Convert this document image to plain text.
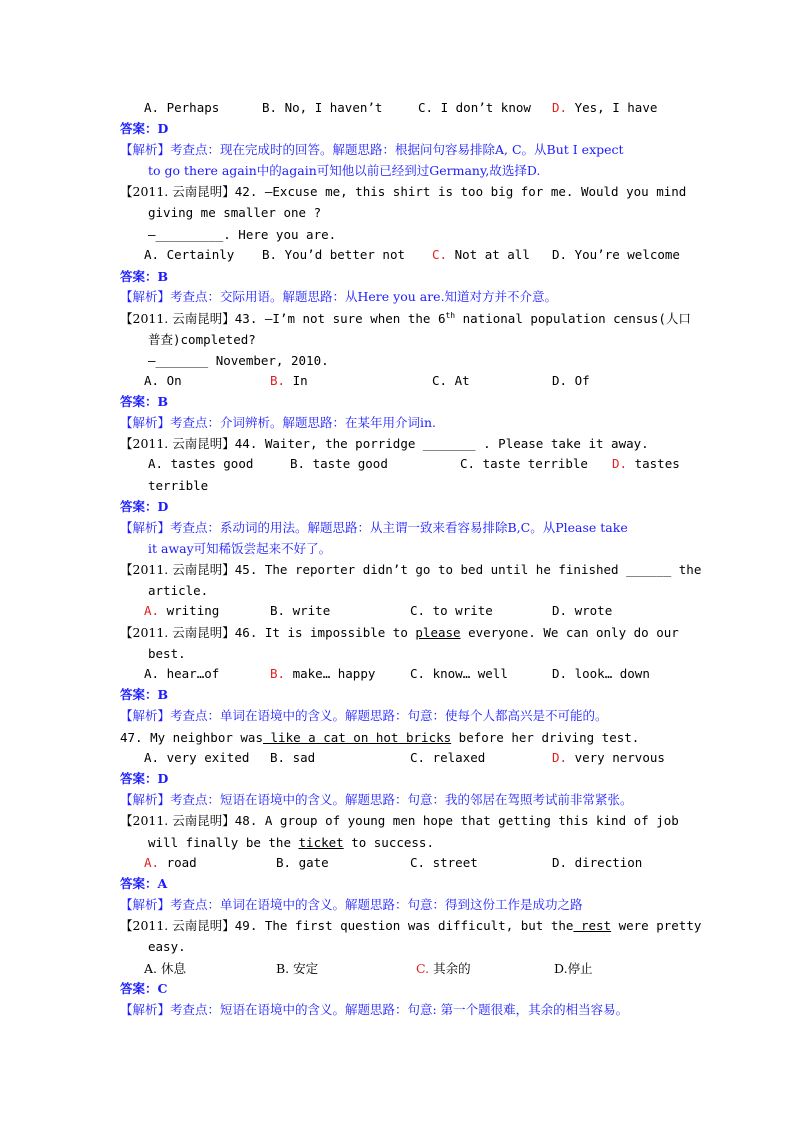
A. Perhaps	B. No, I haven’t	C. I don’t know D. Yes, I have
答案：D
【解析】考查点：现在完成时的回答。解题思路：根据问句容易排除A, C。从But I expect
to go there again中的again可知他以前已经到过Germany,故选择D.
【2011. 云南昆明】42. —Excuse me, this shirt is too big for me. Would you mind
giving me smaller one ?
—_________. Here you are.
A. Certainly B. You’d better not C. Not at all D. You’re welcome
答案：B
【解析】考查点：交际用语。解题思路：从Here you are.知道对方并不介意。
【2011. 云南昆明】43. —I’m not sure when the 6th national population census(人口
普查)completed?
—_______ November, 2010.
A. On	B. In	C. At	D. Of
答案：B
【解析】考查点：介词辨析。解题思路：在某年用介词in.
【2011. 云南昆明】44. Waiter, the porridge _______ . Please take it away.
A. tastes good	B. taste good	C. taste terrible D. tastes
terrible
答案：D
【解析】考查点：系动词的用法。解题思路：从主谓一致来看容易排除B,C。从Please take
it away可知稀饭尝起来不好了。
【2011. 云南昆明】45. The reporter didn’t go to bed until he finished ______ the
article.
A. writing	B. write	C. to write	D. wrote
【2011. 云南昆明】46. It is impossible to please everyone. We can only do our
best.
A. hear…of	B. make… happy	C. know… well	D. look… down
答案：B
【解析】考查点：单词在语境中的含义。解题思路：句意：使每个人都高兴是不可能的。
47. My neighbor was like a cat on hot bricks before her driving test.
A. very exited B. sad	C. relaxed	D. very nervous
答案：D
【解析】考查点：短语在语境中的含义。解题思路：句意：我的邻居在驾照考试前非常紧张。
【2011. 云南昆明】48. A group of young men hope that getting this kind of job
will finally be the ticket to success.
A. road	B. gate	C. street	D. direction
答案：A
【解析】考查点：单词在语境中的含义。解题思路：句意：得到这份工作是成功之路
【2011. 云南昆明】49. The first question was difficult, but the rest were pretty
easy.
A. 休息	B. 安定	C. 其余的	D.停止
答案：C
【解析】考查点：短语在语境中的含义。解题思路：句意: 第一个题很难，其余的相当容易。
